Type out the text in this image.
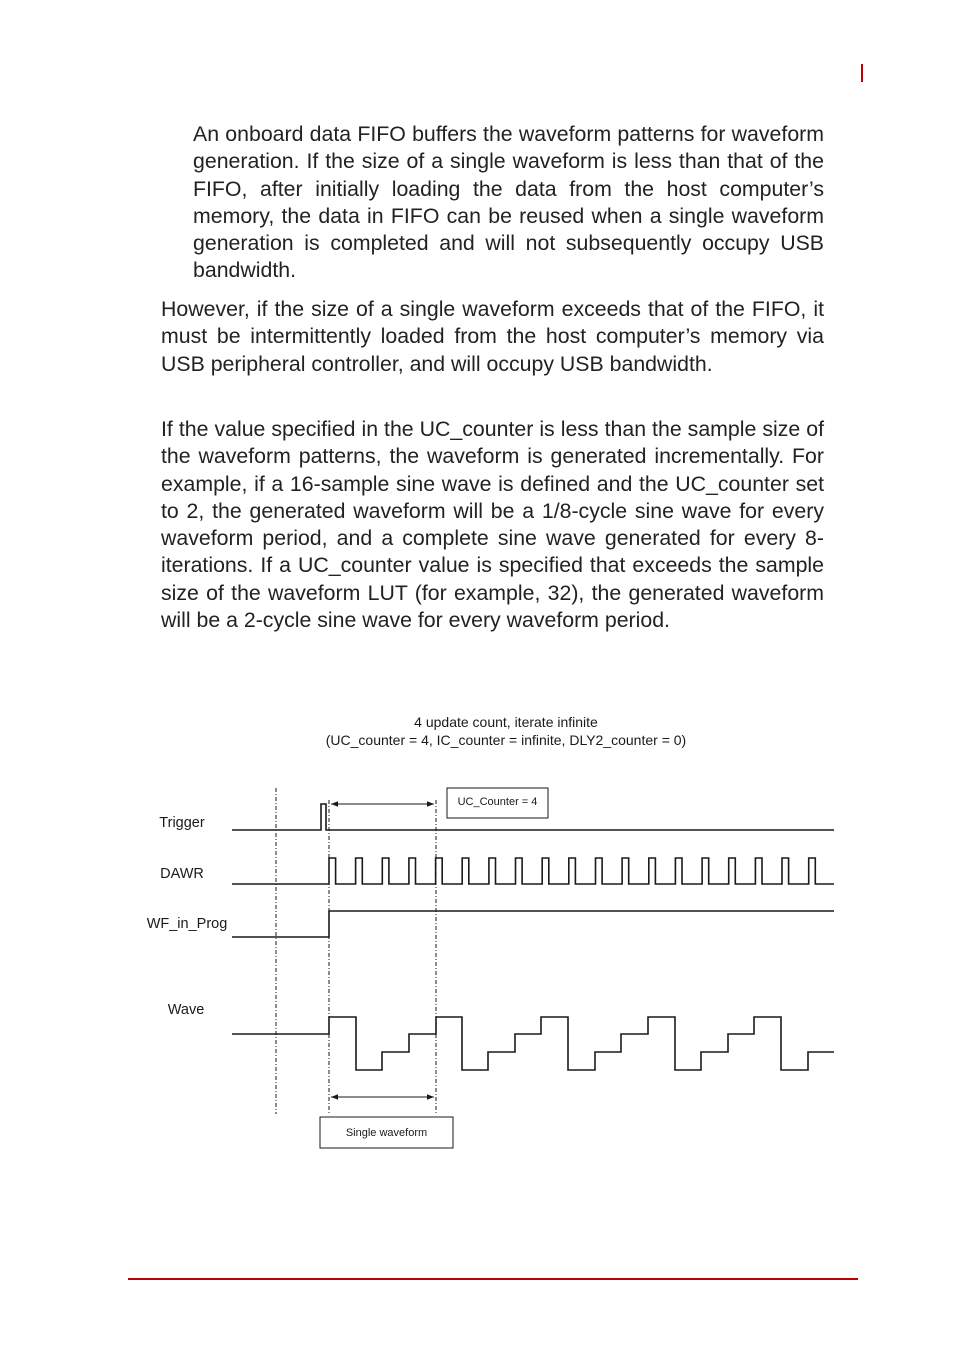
An onboard data FIFO buffers the waveform patterns for waveform generation. If the size of a single waveform is less than that of the FIFO, after initially loading the data from the host computer’s memory, the data in FIFO can be reused when a single waveform generation is completed and will not subsequently occupy USB bandwidth.

However, if the size of a single waveform exceeds that of the FIFO, it must be intermittently loaded from the host computer’s memory via USB peripheral controller, and will occupy USB bandwidth.

If the value specified in the UC_counter is less than the sample size of the waveform patterns, the waveform is generated incrementally. For example, if a 16-sample sine wave is defined and the UC_counter set to 2, the generated waveform will be a 1/8-cycle sine wave for every waveform period, and a complete sine wave generated for every 8-iterations. If a UC_counter value is specified that exceeds the sample size of the waveform LUT (for example, 32), the generated waveform will be a 2-cycle sine wave for every waveform period.

4 update count, iterate infinite
(UC_counter = 4, IC_counter = infinite, DLY2_counter = 0)
Trigger
DAWR
WF_in_Prog
Wave
UC_Counter = 4
Single waveform
